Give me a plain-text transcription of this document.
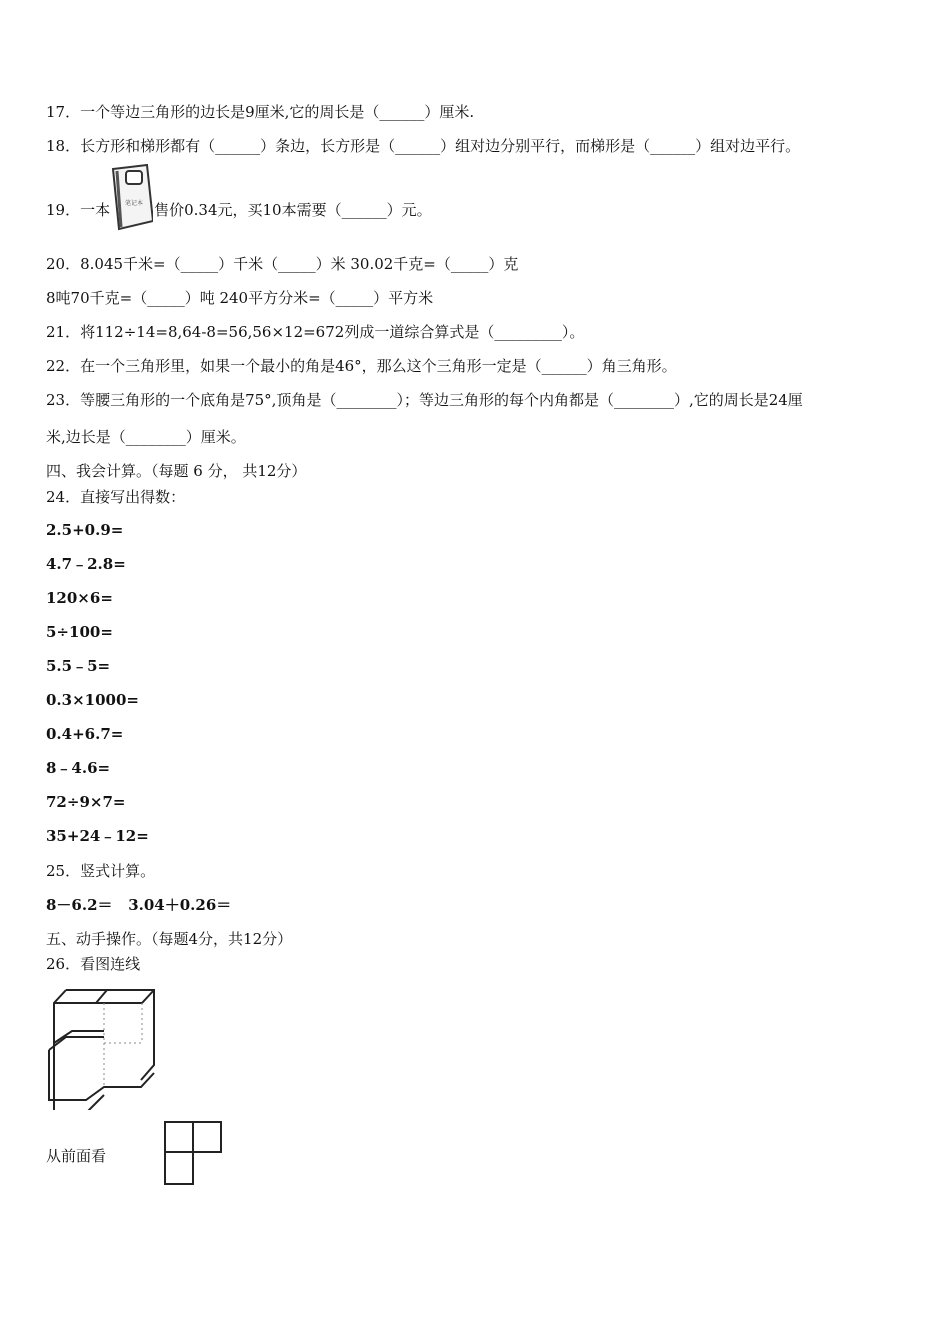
17．一个等边三角形的边长是9厘米,它的周长是（______）厘米.
18．长方形和梯形都有（______）条边，长方形是（______）组对边分别平行，而梯形是（______）组对边平行。
19．一本	笔记本 售价0.34元，买10本需要（______）元。
20．8.045千米=（_____）千米（_____）米 30.02千克=（_____）克
8吨70千克=（_____）吨 240平方分米=（_____）平方米
21．将112÷14=8,64-8=56,56×12=672列成一道综合算式是（_________）。
22．在一个三角形里，如果一个最小的角是46°，那么这个三角形一定是（______）角三角形。
23．等腰三角形的一个底角是75°,顶角是（________）；等边三角形的每个内角都是（________）,它的周长是24厘
米,边长是（________）厘米。
四、我会计算。（每题 6 分， 共12分）
24．直接写出得数：
2.5+0.9=
4.7﹣2.8=
120×6=
5÷100=
5.5﹣5=
0.3×1000=
0.4+6.7=
8﹣4.6=
72÷9×7=
35+24﹣12=
25．竖式计算。
8－6.2＝   3.04＋0.26＝
五、动手操作。（每题4分，共12分）
26．看图连线
从前面看
